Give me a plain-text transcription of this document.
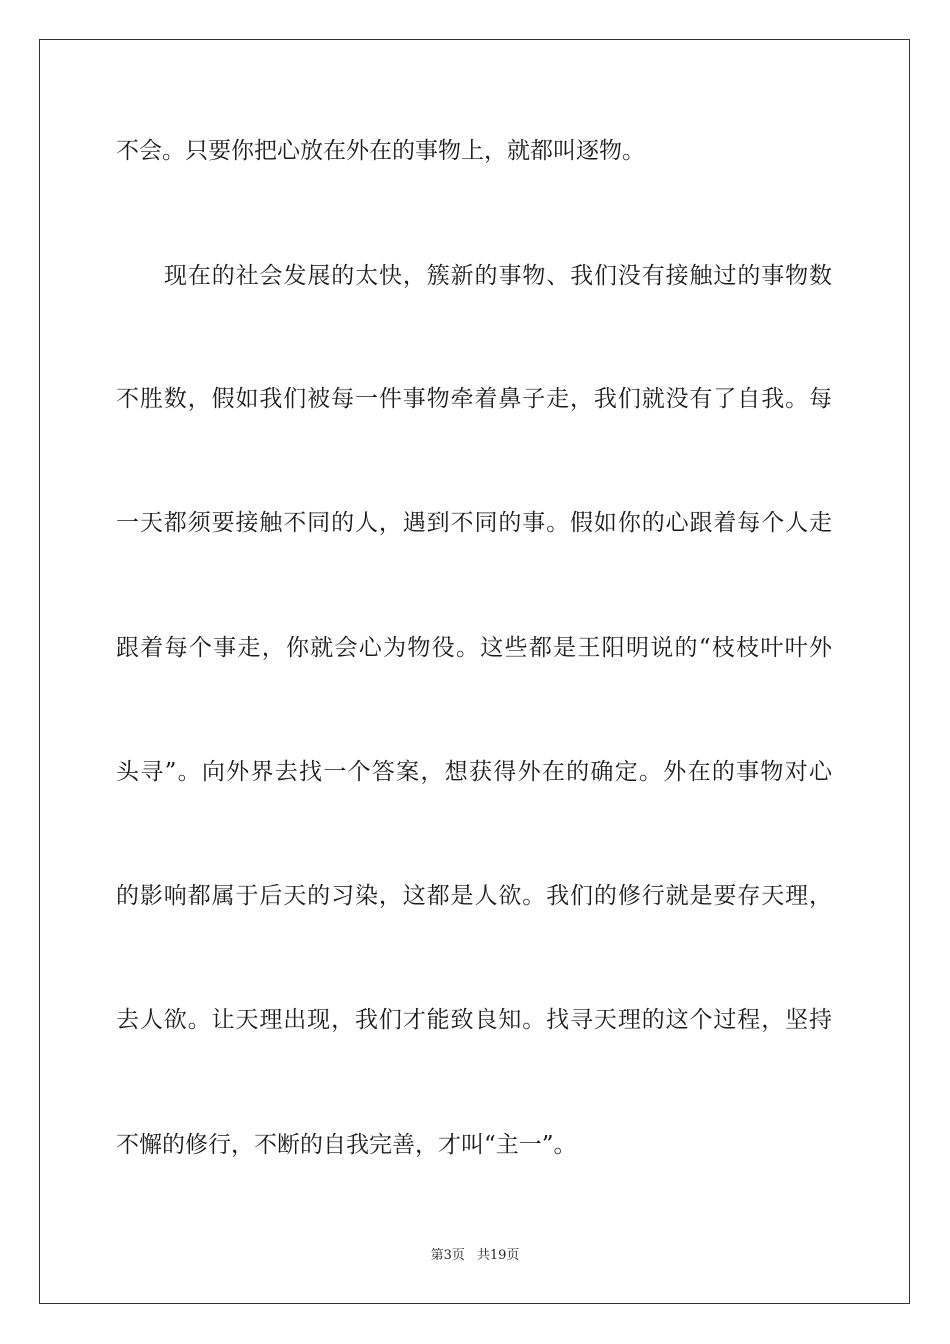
不会。只要你把心放在外在的事物上，就都叫逐物。
现在的社会发展的太快，簇新的事物、我们没有接触过的事物数
不胜数，假如我们被每一件事物牵着鼻子走，我们就没有了自我。每
一天都须要接触不同的人，遇到不同的事。假如你的心跟着每个人走
跟着每个事走，你就会心为物役。这些都是王阳明说的“枝枝叶叶外
头寻”。向外界去找一个答案，想获得外在的确定。外在的事物对心
的影响都属于后天的习染，这都是人欲。我们的修行就是要存天理，
去人欲。让天理出现，我们才能致良知。找寻天理的这个过程，坚持
不懈的修行，不断的自我完善，才叫“主一”。
第3页 共19页
